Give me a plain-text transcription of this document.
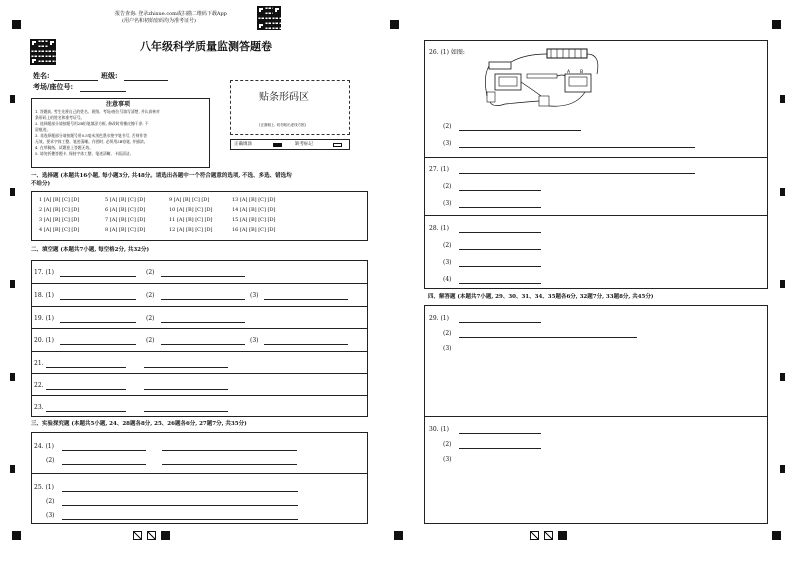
报告查询: 登录zhixue.com或扫描二维码下载App
(用户名和初始密码均为准考证号)
八年级科学质量监测答题卷
姓名:	班级:
考场/座位号:
贴条形码区
(正面朝上, 切勿贴出虚线方框)
正确填涂	缺考标记
注意事项
1. 答题前, 考生先将自己的姓名、班级、考场/座位号填写清楚, 并认真核对
条形码上的姓名和准考证号。
2. 选择题部分请按题号用2B铅笔填涂方框, 修改时用橡皮擦干净, 不
留痕迹。
3. 非选择题部分请按题号用0.5毫米黑色墨水签字笔书写, 否则作答
无效。要求字体工整、笔迹清晰。作图时, 必须用2B铅笔, 并描浓。
4. 在草稿纸、试题卷上答题无效。
5. 请勿折叠答题卡, 保持字体工整、笔迹清晰、卡面清洁。
一、选择题 (本题共16小题, 每小题3分, 共48分。请选出各题中一个符合题意的选项, 不选、多选、错选均
不给分)
1 [A] [B] [C] [D]	5 [A] [B] [C] [D]	9 [A] [B] [C] [D]	13 [A] [B] [C] [D]
2 [A] [B] [C] [D]	6 [A] [B] [C] [D]	10 [A] [B] [C] [D]	14 [A] [B] [C] [D]
3 [A] [B] [C] [D]	7 [A] [B] [C] [D]	11 [A] [B] [C] [D]	15 [A] [B] [C] [D]
4 [A] [B] [C] [D]	8 [A] [B] [C] [D]	12 [A] [B] [C] [D]	16 [A] [B] [C] [D]
二、填空题 (本题共7小题, 每空格2分, 共32分)
17. (1)	(2)
18. (1)	(2)	(3)
19. (1)	(2)
20. (1)	(2)	(3)
21.
22.
23.
三、实验探究题 (本题共5小题, 24、28题各8分, 25、26题各6分, 27题7分, 共35分)
24. (1)
(2)
25. (1)
(2)
(3)
26. (1) 如图:
A B
(2)
(3)
27. (1)
(2)
(3)
28. (1)
(2)
(3)
(4)
四、解答题 (本题共7小题, 29、30、31、34、35题各6分, 32题7分, 33题8分, 共45分)
29. (1)
(2)
(3)
30. (1)
(2)
(3)
